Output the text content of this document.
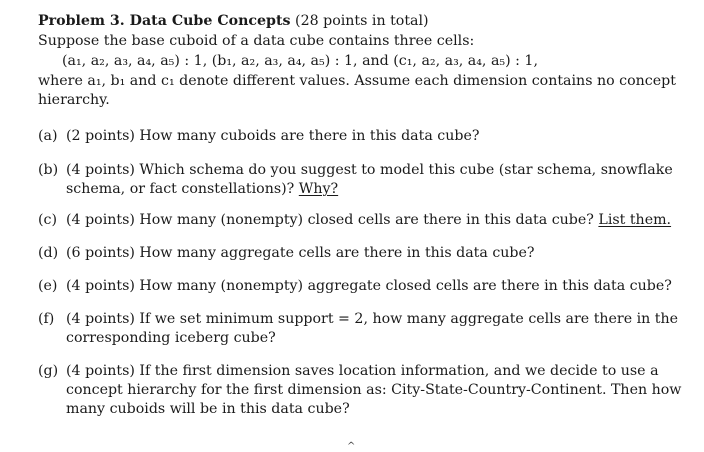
Problem 3. Data Cube Concepts (28 points in total)
Suppose the base cuboid of a data cube contains three cells:
(a₁, a₂, a₃, a₄, a₅) : 1, (b₁, a₂, a₃, a₄, a₅) : 1, and (c₁, a₂, a₃, a₄, a₅) : 1,
where a₁, b₁ and c₁ denote different values. Assume each dimension contains no concept
hierarchy.
(a) (2 points) How many cuboids are there in this data cube?
(b) (4 points) Which schema do you suggest to model this cube (star schema, snowflake
schema, or fact constellations)? Why?
(c) (4 points) How many (nonempty) closed cells are there in this data cube? List them.
(d) (6 points) How many aggregate cells are there in this data cube?
(e) (4 points) How many (nonempty) aggregate closed cells are there in this data cube?
(f) (4 points) If we set minimum support = 2, how many aggregate cells are there in the
corresponding iceberg cube?
(g) (4 points) If the first dimension saves location information, and we decide to use a
concept hierarchy for the first dimension as: City-State-Country-Continent. Then how
many cuboids will be in this data cube?
^
